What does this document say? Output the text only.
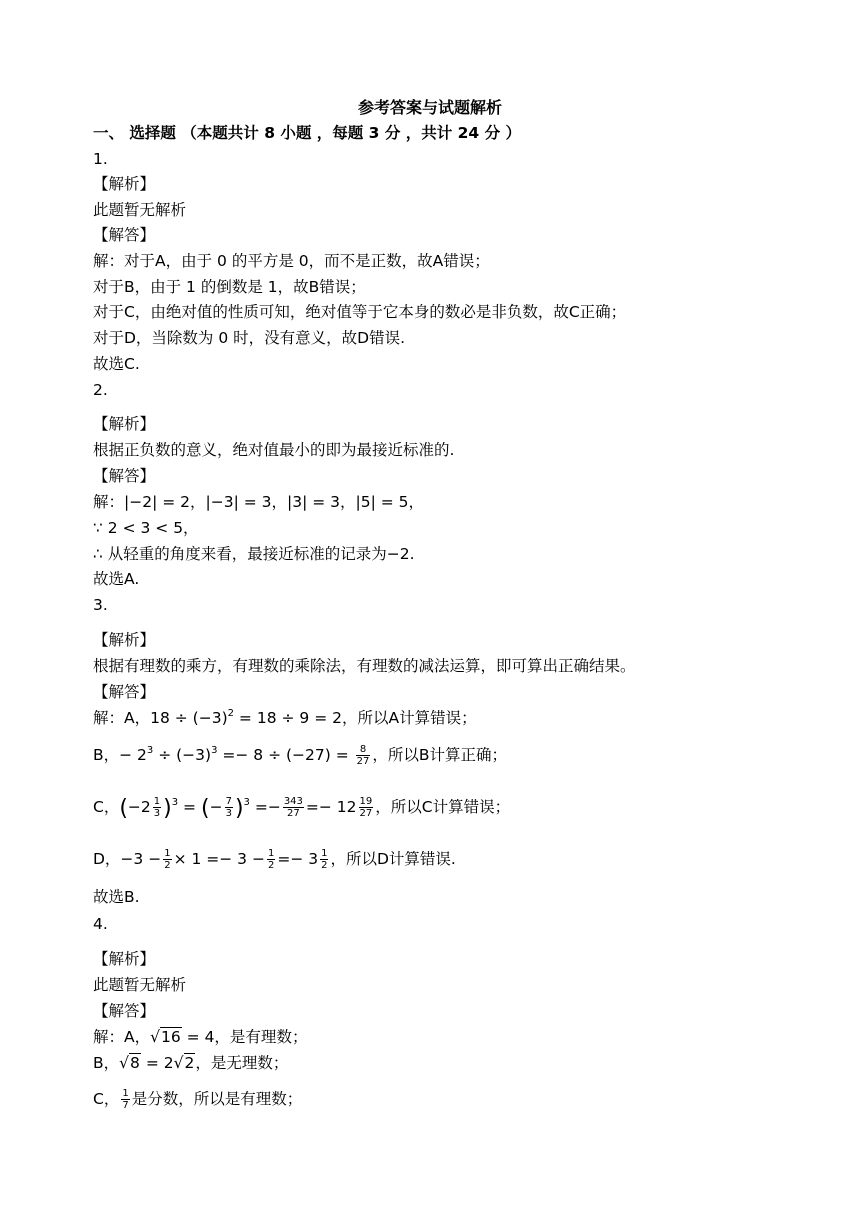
参考答案与试题解析
一、 选择题 （本题共计 8 小题 ，每题 3 分 ，共计 24 分 ）
1.
【解析】
此题暂无解析
【解答】
解：对于A，由于 0 的平方是 0，而不是正数，故A错误；
对于B，由于 1 的倒数是 1，故B错误；
对于C，由绝对值的性质可知，绝对值等于它本身的数必是非负数，故C正确；
对于D，当除数为 0 时，没有意义，故D错误.
故选C.
2.
【解析】
根据正负数的意义，绝对值最小的即为最接近标准的.
【解答】
解：|−2| = 2，|−3| = 3，|3| = 3，|5| = 5，
∵ 2 < 3 < 5，
∴ 从轻重的角度来看，最接近标准的记录为−2.
故选A.
3.
【解析】
根据有理数的乘方，有理数的乘除法，有理数的减法运算，即可算出正确结果。
【解答】
解：A，$18 \div (-3)^2 = 18 \div 9 = 2$，所以A计算错误；
B，− $2^3 \div (-3)^3 =- 8 \div (-27) = \frac{8}{27}$ ，所以B计算正确；
C，$(-2 \frac{1}{3} )^3$ = (− $\frac{7}{3} )^3 =- \frac{343}{27} =- 12 \frac{19}{27}$ ，所以C计算错误；
D，$-3 - \frac{1}{2} \times 1 =- 3 - \frac{1}{2} =- 3 \frac{1}{2}$ ，所以D计算错误.
故选B.
4.
【解析】
此题暂无解析
【解答】
解：A，√16 = 4，是有理数；
B，√8 = 2√2，是无理数；
C， $\frac{1}{7}$ 是分数，所以是有理数；
